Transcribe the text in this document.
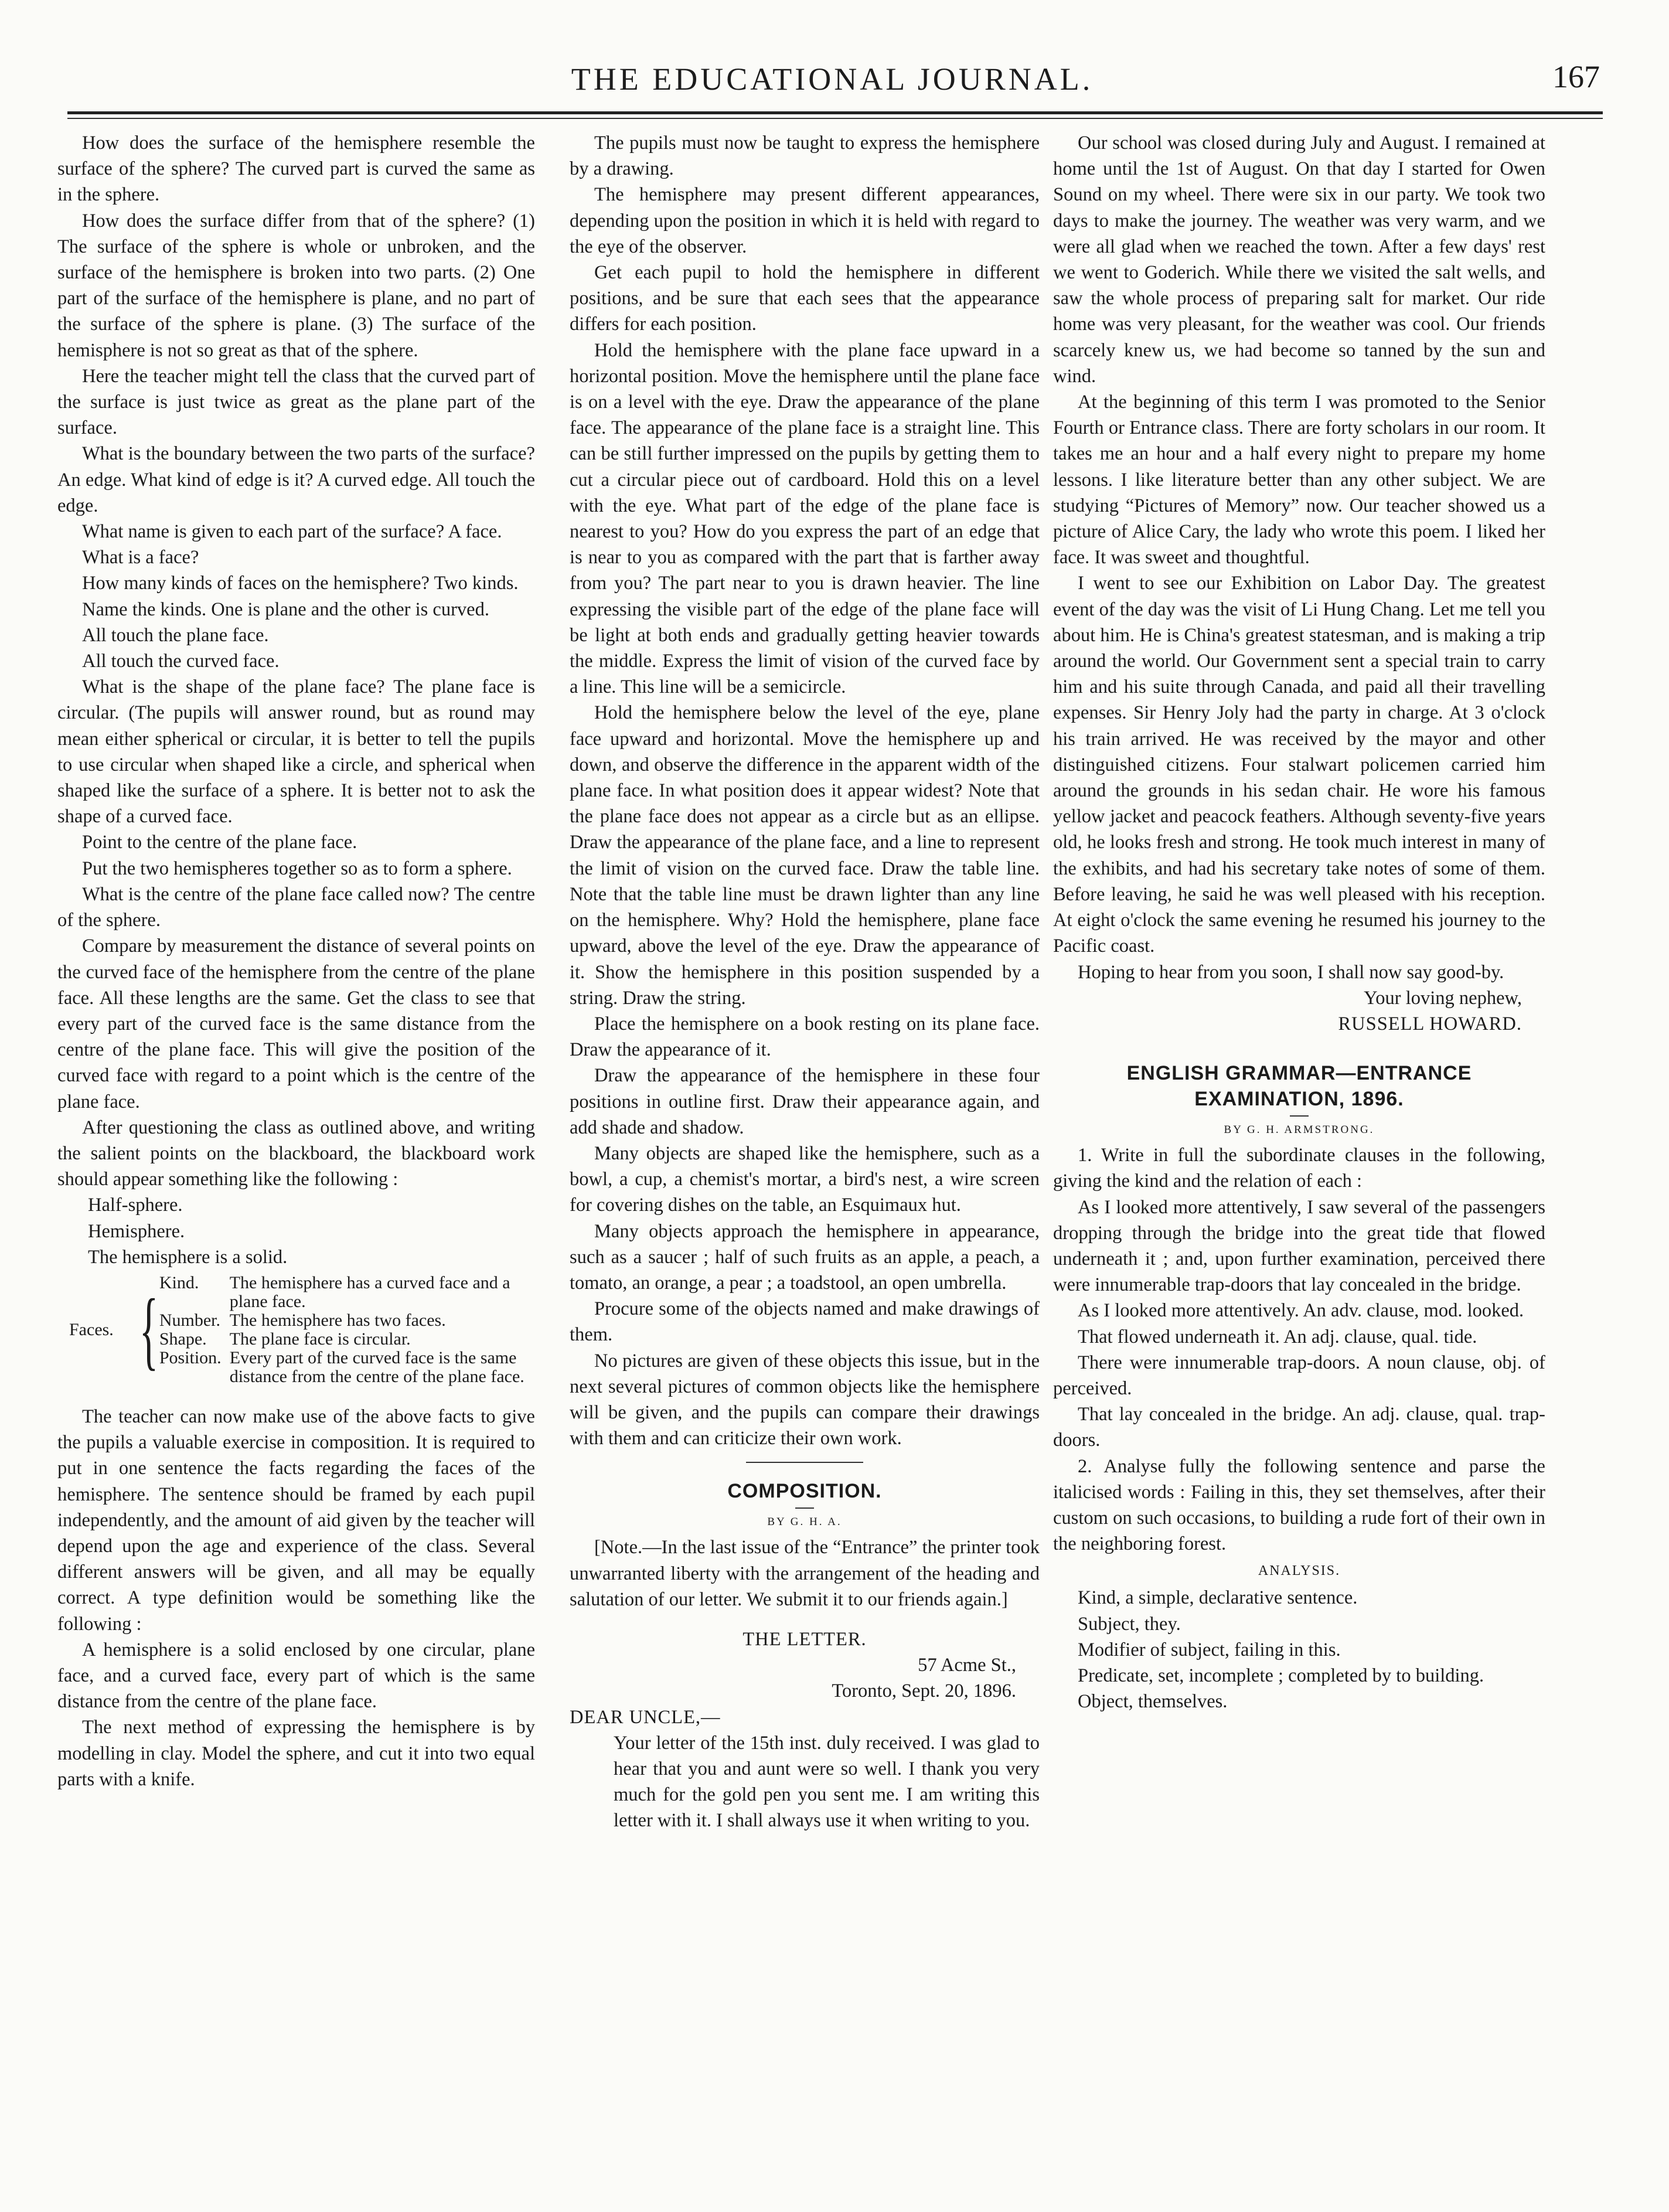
THE EDUCATIONAL JOURNAL.	167

How does the surface of the hemisphere resemble the surface of the sphere? The curved part is curved the same as in the sphere.

How does the surface differ from that of the sphere? (1) The surface of the sphere is whole or unbroken, and the surface of the hemisphere is broken into two parts. (2) One part of the surface of the hemisphere is plane, and no part of the surface of the sphere is plane. (3) The surface of the hemisphere is not so great as that of the sphere.

Here the teacher might tell the class that the curved part of the surface is just twice as great as the plane part of the surface.

What is the boundary between the two parts of the surface? An edge. What kind of edge is it? A curved edge. All touch the edge.

What name is given to each part of the surface? A face.

What is a face?

How many kinds of faces on the hemisphere? Two kinds.

Name the kinds. One is plane and the other is curved.

All touch the plane face.

All touch the curved face.

What is the shape of the plane face? The plane face is circular. (The pupils will answer round, but as round may mean either spherical or circular, it is better to tell the pupils to use circular when shaped like a circle, and spherical when shaped like the surface of a sphere. It is better not to ask the shape of a curved face.

Point to the centre of the plane face.

Put the two hemispheres together so as to form a sphere.

What is the centre of the plane face called now? The centre of the sphere.

Compare by measurement the distance of several points on the curved face of the hemisphere from the centre of the plane face. All these lengths are the same. Get the class to see that every part of the curved face is the same distance from the centre of the plane face. This will give the position of the curved face with regard to a point which is the centre of the plane face.

After questioning the class as outlined above, and writing the salient points on the blackboard, the blackboard work should appear something like the following :

Half-sphere.

Hemisphere.

The hemisphere is a solid.

Faces.	{	Kind.	The hemisphere has a curved face and a plane face.
		Number.	The hemisphere has two faces.
		Shape.	The plane face is circular.
		Position.	Every part of the curved face is the same distance from the centre of the plane face.

The teacher can now make use of the above facts to give the pupils a valuable exercise in composition. It is required to put in one sentence the facts regarding the faces of the hemisphere. The sentence should be framed by each pupil independently, and the amount of aid given by the teacher will depend upon the age and experience of the class. Several different answers will be given, and all may be equally correct. A type definition would be something like the following :

A hemisphere is a solid enclosed by one circular, plane face, and a curved face, every part of which is the same distance from the centre of the plane face.

The next method of expressing the hemisphere is by modelling in clay. Model the sphere, and cut it into two equal parts with a knife.

The pupils must now be taught to express the hemisphere by a drawing.

The hemisphere may present different appearances, depending upon the position in which it is held with regard to the eye of the observer.

Get each pupil to hold the hemisphere in different positions, and be sure that each sees that the appearance differs for each position.

Hold the hemisphere with the plane face upward in a horizontal position. Move the hemisphere until the plane face is on a level with the eye. Draw the appearance of the plane face. The appearance of the plane face is a straight line. This can be still further impressed on the pupils by getting them to cut a circular piece out of cardboard. Hold this on a level with the eye. What part of the edge of the plane face is nearest to you? How do you express the part of an edge that is near to you as compared with the part that is farther away from you? The part near to you is drawn heavier. The line expressing the visible part of the edge of the plane face will be light at both ends and gradually getting heavier towards the middle. Express the limit of vision of the curved face by a line. This line will be a semicircle.

Hold the hemisphere below the level of the eye, plane face upward and horizontal. Move the hemisphere up and down, and observe the difference in the apparent width of the plane face. In what position does it appear widest? Note that the plane face does not appear as a circle but as an ellipse. Draw the appearance of the plane face, and a line to represent the limit of vision on the curved face. Draw the table line. Note that the table line must be drawn lighter than any line on the hemisphere. Why? Hold the hemisphere, plane face upward, above the level of the eye. Draw the appearance of it. Show the hemisphere in this position suspended by a string. Draw the string.

Place the hemisphere on a book resting on its plane face. Draw the appearance of it.

Draw the appearance of the hemisphere in these four positions in outline first. Draw their appearance again, and add shade and shadow.

Many objects are shaped like the hemisphere, such as a bowl, a cup, a chemist's mortar, a bird's nest, a wire screen for covering dishes on the table, an Esquimaux hut.

Many objects approach the hemisphere in appearance, such as a saucer ; half of such fruits as an apple, a peach, a tomato, an orange, a pear ; a toadstool, an open umbrella.

Procure some of the objects named and make drawings of them.

No pictures are given of these objects this issue, but in the next several pictures of common objects like the hemisphere will be given, and the pupils can compare their drawings with them and can criticize their own work.

COMPOSITION.

BY G. H. A.

[Note.—In the last issue of the “Entrance” the printer took unwarranted liberty with the arrangement of the heading and salutation of our letter. We submit it to our friends again.]

THE LETTER.

57 Acme St.,

Toronto, Sept. 20, 1896.

DEAR UNCLE,—

Your letter of the 15th inst. duly received. I was glad to hear that you and aunt were so well. I thank you very much for the gold pen you sent me. I am writing this letter with it. I shall always use it when writing to you.

Our school was closed during July and August. I remained at home until the 1st of August. On that day I started for Owen Sound on my wheel. There were six in our party. We took two days to make the journey. The weather was very warm, and we were all glad when we reached the town. After a few days' rest we went to Goderich. While there we visited the salt wells, and saw the whole process of preparing salt for market. Our ride home was very pleasant, for the weather was cool. Our friends scarcely knew us, we had become so tanned by the sun and wind.

At the beginning of this term I was promoted to the Senior Fourth or Entrance class. There are forty scholars in our room. It takes me an hour and a half every night to prepare my home lessons. I like literature better than any other subject. We are studying “Pictures of Memory” now. Our teacher showed us a picture of Alice Cary, the lady who wrote this poem. I liked her face. It was sweet and thoughtful.

I went to see our Exhibition on Labor Day. The greatest event of the day was the visit of Li Hung Chang. Let me tell you about him. He is China's greatest statesman, and is making a trip around the world. Our Government sent a special train to carry him and his suite through Canada, and paid all their travelling expenses. Sir Henry Joly had the party in charge. At 3 o'clock his train arrived. He was received by the mayor and other distinguished citizens. Four stalwart policemen carried him around the grounds in his sedan chair. He wore his famous yellow jacket and peacock feathers. Although seventy-five years old, he looks fresh and strong. He took much interest in many of the exhibits, and had his secretary take notes of some of them. Before leaving, he said he was well pleased with his reception. At eight o'clock the same evening he resumed his journey to the Pacific coast.

Hoping to hear from you soon, I shall now say good-by.

Your loving nephew,

RUSSELL HOWARD.

ENGLISH GRAMMAR—ENTRANCE
EXAMINATION, 1896.

BY G. H. ARMSTRONG.

1. Write in full the subordinate clauses in the following, giving the kind and the relation of each :

As I looked more attentively, I saw several of the passengers dropping through the bridge into the great tide that flowed underneath it ; and, upon further examination, perceived there were innumerable trap-doors that lay concealed in the bridge.

As I looked more attentively. An adv. clause, mod. looked.

That flowed underneath it. An adj. clause, qual. tide.

There were innumerable trap-doors. A noun clause, obj. of perceived.

That lay concealed in the bridge. An adj. clause, qual. trap-doors.

2. Analyse fully the following sentence and parse the italicised words : Failing in this, they set themselves, after their custom on such occasions, to building a rude fort of their own in the neighboring forest.

ANALYSIS.

Kind, a simple, declarative sentence.

Subject, they.

Modifier of subject, failing in this.

Predicate, set, incomplete ; completed by to building.

Object, themselves.
